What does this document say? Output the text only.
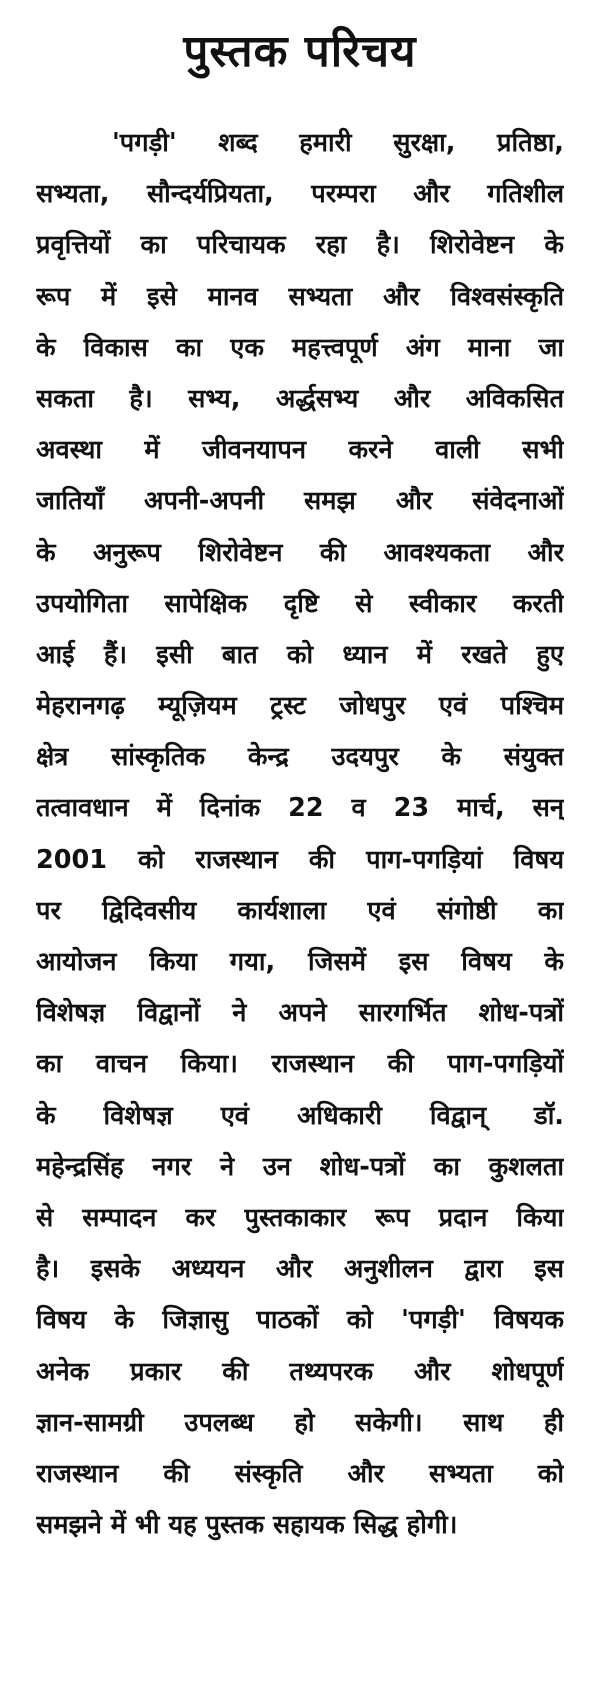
पुस्तक परिचय
'पगड़ी' शब्द हमारी सुरक्षा, प्रतिष्ठा,
सभ्यता, सौन्दर्यप्रियता, परम्परा और गतिशील
प्रवृत्तियों का परिचायक रहा है। शिरोवेष्टन के
रूप में इसे मानव सभ्यता और विश्वसंस्कृति
के विकास का एक महत्त्वपूर्ण अंग माना जा
सकता है। सभ्य, अर्द्धसभ्य और अविकसित
अवस्था में जीवनयापन करने वाली सभी
जातियाँ अपनी-अपनी समझ और संवेदनाओं
के अनुरूप शिरोवेष्टन की आवश्यकता और
उपयोगिता सापेक्षिक दृष्टि से स्वीकार करती
आई हैं। इसी बात को ध्यान में रखते हुए
मेहरानगढ़ म्यूज़ियम ट्रस्ट जोधपुर एवं पश्चिम
क्षेत्र सांस्कृतिक केन्द्र उदयपुर के संयुक्त
तत्वावधान में दिनांक 22 व 23 मार्च, सन्
2001 को राजस्थान की पाग-पगड़ियां विषय
पर द्विदिवसीय कार्यशाला एवं संगोष्ठी का
आयोजन किया गया, जिसमें इस विषय के
विशेषज्ञ विद्वानों ने अपने सारगर्भित शोध-पत्रों
का वाचन किया। राजस्थान की पाग-पगड़ियों
के विशेषज्ञ एवं अधिकारी विद्वान् डॉ.
महेन्द्रसिंह नगर ने उन शोध-पत्रों का कुशलता
से सम्पादन कर पुस्तकाकार रूप प्रदान किया
है। इसके अध्ययन और अनुशीलन द्वारा इस
विषय के जिज्ञासु पाठकों को 'पगड़ी' विषयक
अनेक प्रकार की तथ्यपरक और शोधपूर्ण
ज्ञान-सामग्री उपलब्ध हो सकेगी। साथ ही
राजस्थान की संस्कृति और सभ्यता को
समझने में भी यह पुस्तक सहायक सिद्ध होगी।
